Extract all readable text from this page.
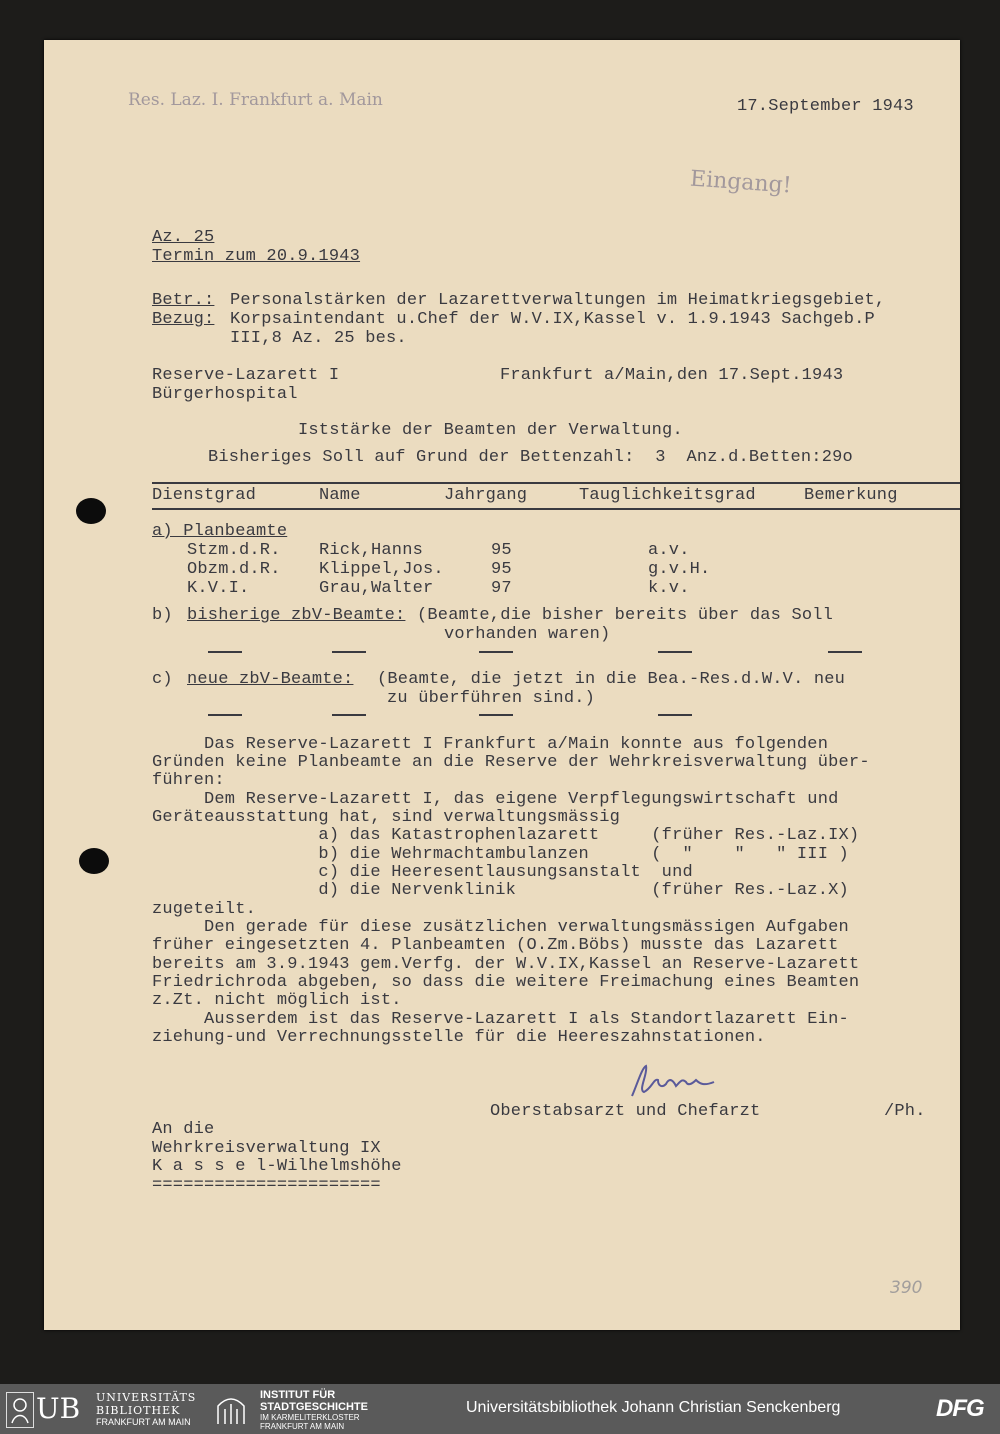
Res. Laz. I. Frankfurt a. Main	17.September 1943
Eingang!
Az. 25
Termin zum 20.9.1943
Betr.: Personalstärken der Lazarettverwaltungen im Heimatkriegsgebiet,
Bezug: Korpsaintendant u.Chef der W.V.IX,Kassel v. 1.9.1943 Sachgeb.P
III,8 Az. 25 bes.
Reserve-Lazarett I
Bürgerhospital
Frankfurt a/Main,den 17.Sept.1943
Iststärke der Beamten der Verwaltung.
Bisheriges Soll auf Grund der Bettenzahl:  3  Anz.d.Betten:29o
Dienstgrad	Name	Jahrgang	Tauglichkeitsgrad	Bemerkung
a) Planbeamte
Stzm.d.R. Rick,Hanns	95	a.v.
Obzm.d.R. Klippel,Jos.	95	g.v.H.
K.V.I.	Grau,Walter	97	k.v.
b) bisherige zbV-Beamte: (Beamte,die bisher bereits über das Soll
vorhanden waren)
c) neue zbV-Beamte: (Beamte, die jetzt in die Bea.-Res.d.W.V. neu
zu überführen sind.)
Das Reserve-Lazarett I Frankfurt a/Main konnte aus folgenden
Gründen keine Planbeamte an die Reserve der Wehrkreisverwaltung über-
führen:
Dem Reserve-Lazarett I, das eigene Verpflegungswirtschaft und
Geräteausstattung hat, sind verwaltungsmässig
a) das Katastrophenlazarett     (früher Res.-Laz.IX)
b) die Wehrmachtambulanzen      (  "    "   " III )
c) die Heeresentlausungsanstalt  und
d) die Nervenklinik             (früher Res.-Laz.X)
zugeteilt.
Den gerade für diese zusätzlichen verwaltungsmässigen Aufgaben
früher eingesetzten 4. Planbeamten (O.Zm.Böbs) musste das Lazarett
bereits am 3.9.1943 gem.Verfg. der W.V.IX,Kassel an Reserve-Lazarett
Friedrichroda abgeben, so dass die weitere Freimachung eines Beamten
z.Zt. nicht möglich ist.
Ausserdem ist das Reserve-Lazarett I als Standortlazarett Ein-
ziehung-und Verrechnungsstelle für die Heereszahnstationen.
Oberstabsarzt und Chefarzt	/Ph.
An die
Wehrkreisverwaltung IX
K a s s e l-Wilhelmshöhe
======================
390
UB UNIVERSITÄTS
BIBLIOTHEK
FRANKFURT AM MAIN
INSTITUT FÜR
STADTGESCHICHTE
IM KARMELITERKLOSTER
FRANKFURT AM MAIN
Universitätsbibliothek Johann Christian Senckenberg	DFG
